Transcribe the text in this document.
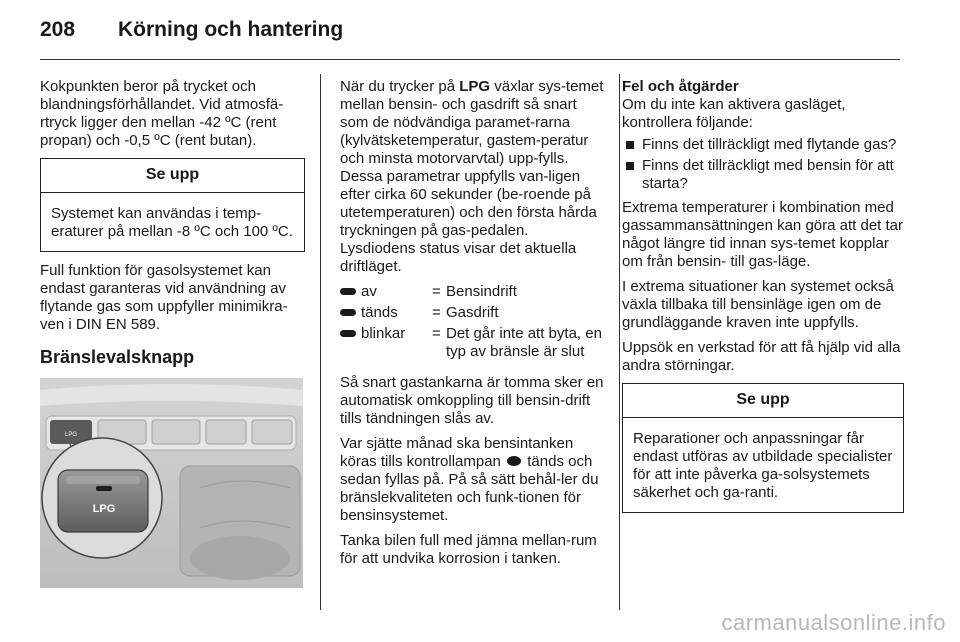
208 Körning och hantering

Kokpunkten beror på trycket och blandningsförhållandet. Vid atmosfä-rtryck ligger den mellan -42 ºC (rent propan) och -0,5 ºC (rent butan).

Se upp
Systemet kan användas i temp-eraturer på mellan -8 ºC och 100 ºC.

Full funktion för gasolsystemet kan endast garanteras vid användning av flytande gas som uppfyller minimikra-ven i DIN EN 589.

Bränslevalsknapp
LPG
LPG

När du trycker på LPG växlar sys-temet mellan bensin- och gasdrift så snart som de nödvändiga paramet-rarna (kylvätsketemperatur, gastem-peratur och minsta motorvarvtal) upp-fylls. Dessa parametrar uppfylls van-ligen efter cirka 60 sekunder (be-roende på utetemperaturen) och den första hårda tryckningen på gas-pedalen. Lysdiodens status visar det aktuella driftläget.

av	=	Bensindrift
tänds	=	Gasdrift
blinkar	=	Det går inte att byta, en typ av bränsle är slut

Så snart gastankarna är tomma sker en automatisk omkoppling till bensin-drift tills tändningen slås av.

Var sjätte månad ska bensintanken köras tills kontrollampan  tänds och sedan fyllas på. På så sätt behål-ler du bränslekvaliteten och funk-tionen för bensinsystemet.

Tanka bilen full med jämna mellan-rum för att undvika korrosion i tanken.

Fel och åtgärder

Om du inte kan aktivera gasläget, kontrollera följande:

Finns det tillräckligt med flytande gas?
Finns det tillräckligt med bensin för att starta?

Extrema temperaturer i kombination med gassammansättningen kan göra att det tar något längre tid innan sys-temet kopplar om från bensin- till gas-läge.

I extrema situationer kan systemet också växla tillbaka till bensinläge igen om de grundläggande kraven inte uppfylls.

Uppsök en verkstad för att få hjälp vid alla andra störningar.

Se upp
Reparationer och anpassningar får endast utföras av utbildade specialister för att inte påverka ga-solsystemets säkerhet och ga-ranti.
carmanualsonline.info
